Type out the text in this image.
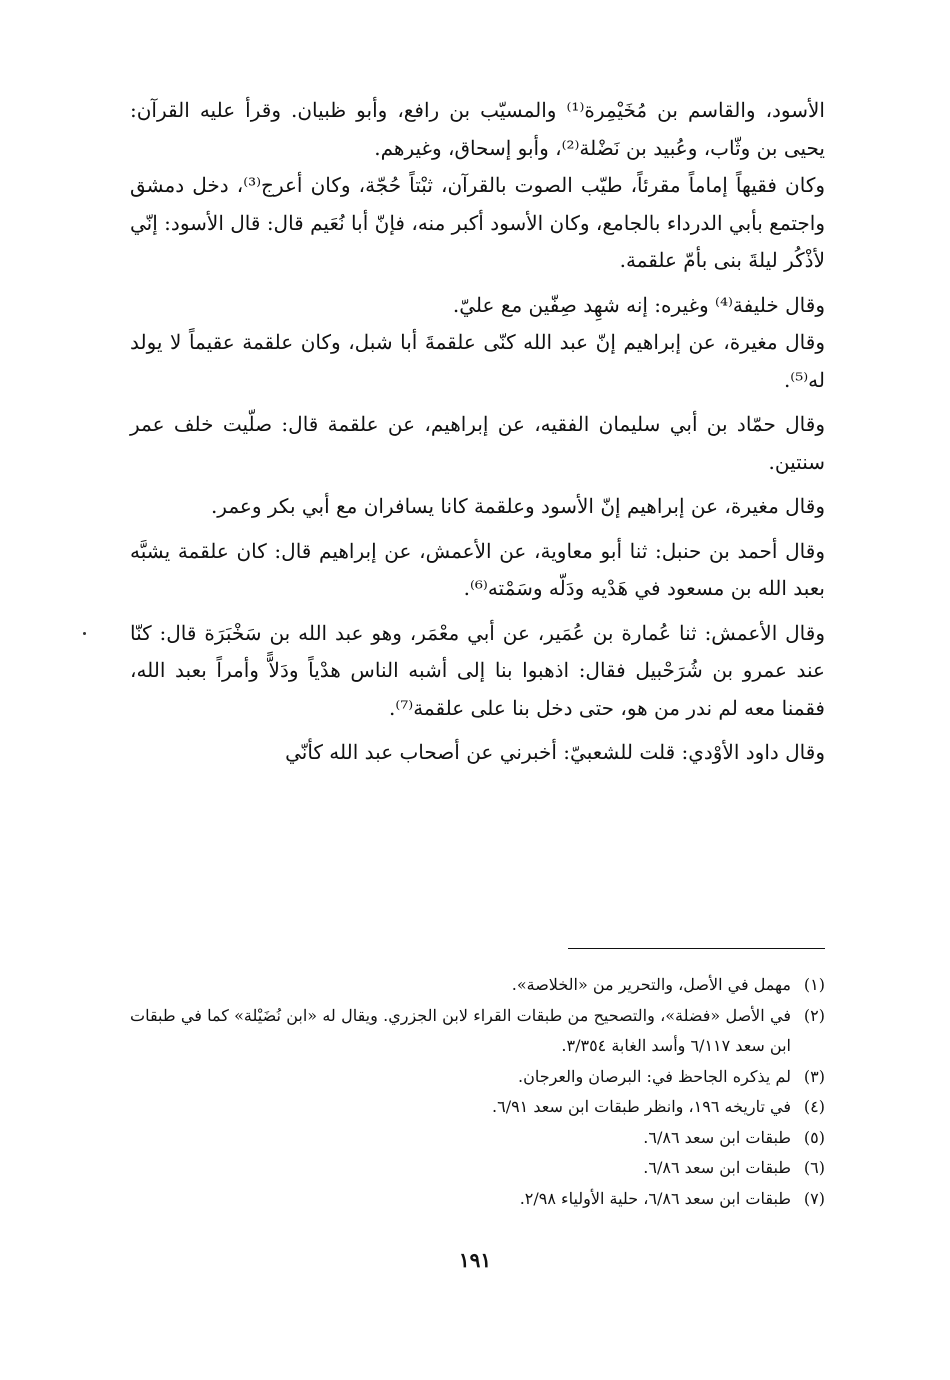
الأسود، والقاسم بن مُخَيْمِرة⁽¹⁾ والمسيّب بن رافع، وأبو ظبيان. وقرأ عليه القرآن: يحيى بن وثّاب، وعُبيد بن نَضْلة⁽²⁾، وأبو إسحاق، وغيرهم.

وكان فقيهاً إماماً مقرئاً، طيّب الصوت بالقرآن، ثبْتاً حُجّة، وكان أعرج⁽³⁾، دخل دمشق واجتمع بأبي الدرداء بالجامع، وكان الأسود أكبر منه، فإنّ أبا نُعَيم قال: قال الأسود: إنّي لأذْكُر ليلةَ بنى بأمّ علقمة.

وقال خليفة⁽⁴⁾ وغيره: إنه شهِد صِفّين مع عليّ.

وقال مغيرة، عن إبراهيم إنّ عبد الله كنّى علقمةَ أبا شبل، وكان علقمة عقيماً لا يولد له⁽⁵⁾.

وقال حمّاد بن أبي سليمان الفقيه، عن إبراهيم، عن علقمة قال: صلّيت خلف عمر سنتين.

وقال مغيرة، عن إبراهيم إنّ الأسود وعلقمة كانا يسافران مع أبي بكر وعمر.

وقال أحمد بن حنبل: ثنا أبو معاوية، عن الأعمش، عن إبراهيم قال: كان علقمة يشبَّه بعبد الله بن مسعود في هَدْيه ودَلّه وسَمْته⁽⁶⁾.

وقال الأعمش: ثنا عُمارة بن عُمَير، عن أبي معْمَر، وهو عبد الله بن سَخْبَرَة قال: كنّا عند عمرو بن شُرَحْبيل فقال: اذهبوا بنا إلى أشبه الناس هدْياً ودَلاًّ وأمراً بعبد الله، فقمنا معه لم ندر من هو، حتى دخل بنا على علقمة⁽⁷⁾.

وقال داود الأوْدي: قلت للشعبيّ: أخبرني عن أصحاب عبد الله كأنّي

(١)
مهمل في الأصل، والتحرير من «الخلاصة».
(٢)
في الأصل «فضلة»، والتصحيح من طبقات القراء لابن الجزري. ويقال له «ابن نُضَيْلة» كما في طبقات ابن سعد ٦/١١٧ وأسد الغابة ٣/٣٥٤.
(٣)
لم يذكره الجاحظ في: البرصان والعرجان.
(٤)
في تاريخه ١٩٦، وانظر طبقات ابن سعد ٦/٩١.
(٥)
طبقات ابن سعد ٦/٨٦.
(٦)
طبقات ابن سعد ٦/٨٦.
(٧)
طبقات ابن سعد ٦/٨٦، حلية الأولياء ٢/٩٨.
١٩١
